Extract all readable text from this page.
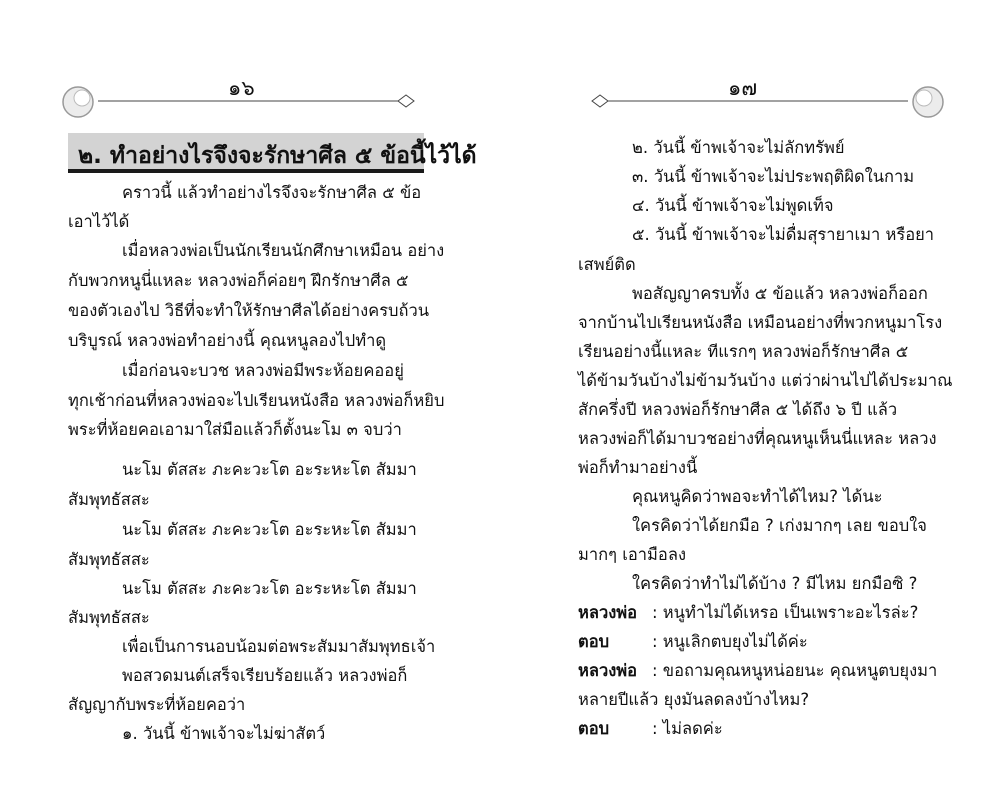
๑๖
๒. ทำอย่างไรจึงจะรักษาศีล ๕ ข้อนี้ไว้ได้
คราวนี้ แล้วทำอย่างไรจึงจะรักษาศีล ๕ ข้อ
เอาไว้ได้
เมื่อหลวงพ่อเป็นนักเรียนนักศึกษาเหมือน อย่าง
กับพวกหนูนี่แหละ หลวงพ่อก็ค่อยๆ ฝึกรักษาศีล ๕
ของตัวเองไป วิธีที่จะทำให้รักษาศีลได้อย่างครบถ้วน
บริบูรณ์ หลวงพ่อทำอย่างนี้ คุณหนูลองไปทำดู
เมื่อก่อนจะบวช หลวงพ่อมีพระห้อยคออยู่
ทุกเช้าก่อนที่หลวงพ่อจะไปเรียนหนังสือ หลวงพ่อก็หยิบ
พระที่ห้อยคอเอามาใส่มือแล้วก็ตั้งนะโม ๓ จบว่า
นะโม ตัสสะ ภะคะวะโต อะระหะโต สัมมา
สัมพุทธัสสะ
นะโม ตัสสะ ภะคะวะโต อะระหะโต สัมมา
สัมพุทธัสสะ
นะโม ตัสสะ ภะคะวะโต อะระหะโต สัมมา
สัมพุทธัสสะ
เพื่อเป็นการนอบน้อมต่อพระสัมมาสัมพุทธเจ้า
พอสวดมนต์เสร็จเรียบร้อยแล้ว หลวงพ่อก็
สัญญากับพระที่ห้อยคอว่า
๑. วันนี้ ข้าพเจ้าจะไม่ฆ่าสัตว์
๑๗
๒. วันนี้ ข้าพเจ้าจะไม่ลักทรัพย์
๓. วันนี้ ข้าพเจ้าจะไม่ประพฤติผิดในกาม
๔. วันนี้ ข้าพเจ้าจะไม่พูดเท็จ
๕. วันนี้ ข้าพเจ้าจะไม่ดื่มสุรายาเมา หรือยา
เสพย์ติด
พอสัญญาครบทั้ง ๕ ข้อแล้ว หลวงพ่อก็ออก
จากบ้านไปเรียนหนังสือ เหมือนอย่างที่พวกหนูมาโรง
เรียนอย่างนี้แหละ ทีแรกๆ หลวงพ่อก็รักษาศีล ๕
ได้ข้ามวันบ้างไม่ข้ามวันบ้าง แต่ว่าผ่านไปได้ประมาณ
สักครึ่งปี หลวงพ่อก็รักษาศีล ๕ ได้ถึง ๖ ปี แล้ว
หลวงพ่อก็ได้มาบวชอย่างที่คุณหนูเห็นนี่แหละ หลวง
พ่อก็ทำมาอย่างนี้
คุณหนูคิดว่าพอจะทำได้ไหม? ได้นะ
ใครคิดว่าได้ยกมือ ? เก่งมากๆ เลย ขอบใจ
มากๆ เอามือลง
ใครคิดว่าทำไม่ได้บ้าง ? มีไหม ยกมือซิ ?
หลวงพ่อ : หนูทำไม่ได้เหรอ เป็นเพราะอะไรล่ะ?
ตอบ	: หนูเลิกตบยุงไม่ได้ค่ะ
หลวงพ่อ : ขอถามคุณหนูหน่อยนะ คุณหนูตบยุงมา
หลายปีแล้ว ยุงมันลดลงบ้างไหม?
ตอบ	: ไม่ลดค่ะ
